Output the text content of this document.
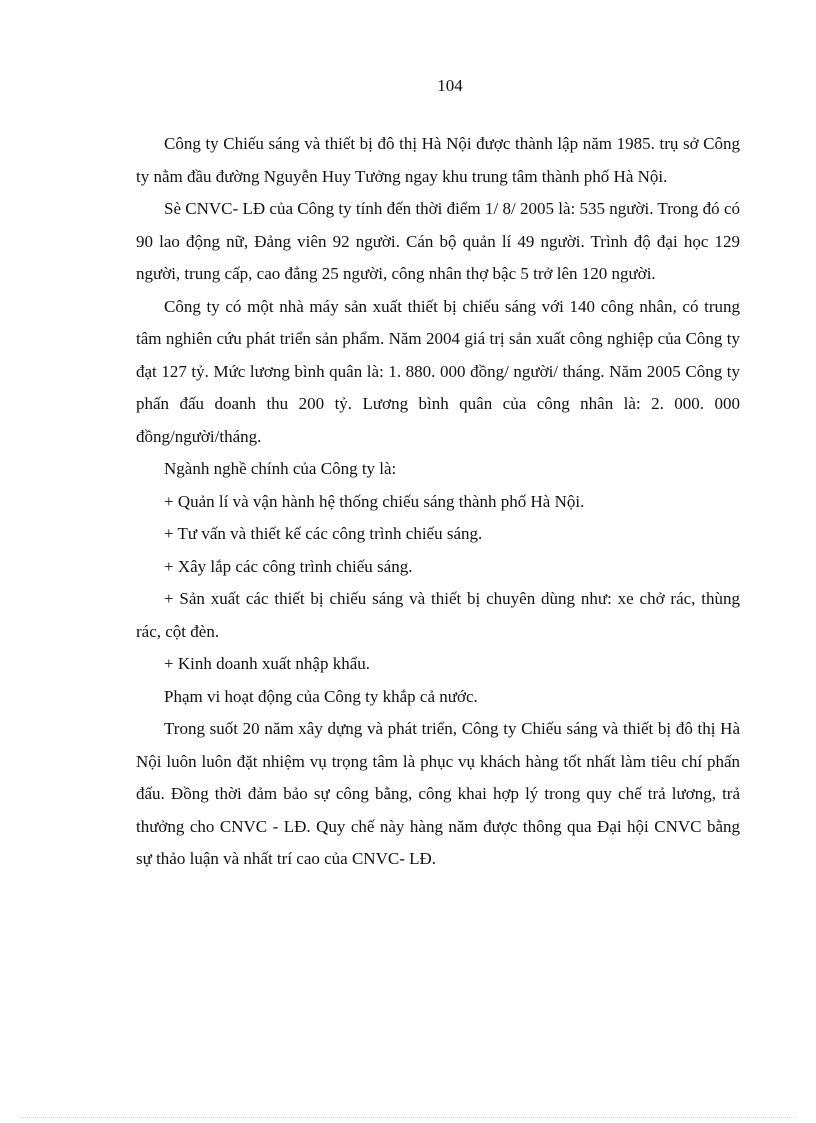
104

Công ty Chiếu sáng và thiết bị đô thị Hà Nội được thành lập năm 1985. trụ sở Công ty nằm đầu đường Nguyễn Huy Tưởng ngay khu trung tâm thành phố Hà Nội.

Sè CNVC- LĐ của Công ty tính đến thời điểm 1/ 8/ 2005 là: 535 người. Trong đó có 90 lao động nữ, Đảng viên 92 người. Cán bộ quản lí 49 người. Trình độ đại học 129 người, trung cấp, cao đẳng 25 người, công nhân thợ bậc 5 trở lên 120 người.

Công ty có một nhà máy sản xuất thiết bị chiếu sáng với 140 công nhân, có trung tâm nghiên cứu phát triển sản phẩm. Năm 2004 giá trị sản xuất công nghiệp của Công ty đạt 127 tỷ. Mức lương bình quân là: 1. 880. 000 đồng/ người/ tháng. Năm 2005 Công ty phấn đấu doanh thu 200 tỷ. Lương bình quân của công nhân là: 2. 000. 000 đồng/người/tháng.

Ngành nghề chính của Công ty là:

+ Quản lí và vận hành hệ thống chiếu sáng thành phố Hà Nội.

+ Tư vấn và thiết kế các công trình chiếu sáng.

+ Xây lắp các công trình chiếu sáng.

+ Sản xuất các thiết bị chiếu sáng và thiết bị chuyên dùng như: xe chở rác, thùng rác, cột đèn.

+ Kinh doanh xuất nhập khẩu.

Phạm vi hoạt động của Công ty khắp cả nước.

Trong suốt 20 năm xây dựng và phát triển, Công ty Chiếu sáng và thiết bị đô thị Hà Nội luôn luôn đặt nhiệm vụ trọng tâm là phục vụ khách hàng tốt nhất làm tiêu chí phấn đấu. Đồng thời đảm bảo sự công bằng, công khai hợp lý trong quy chế trả lương, trả thưởng cho CNVC - LĐ. Quy chế này hàng năm được thông qua Đại hội CNVC bằng sự thảo luận và nhất trí cao của CNVC- LĐ.
